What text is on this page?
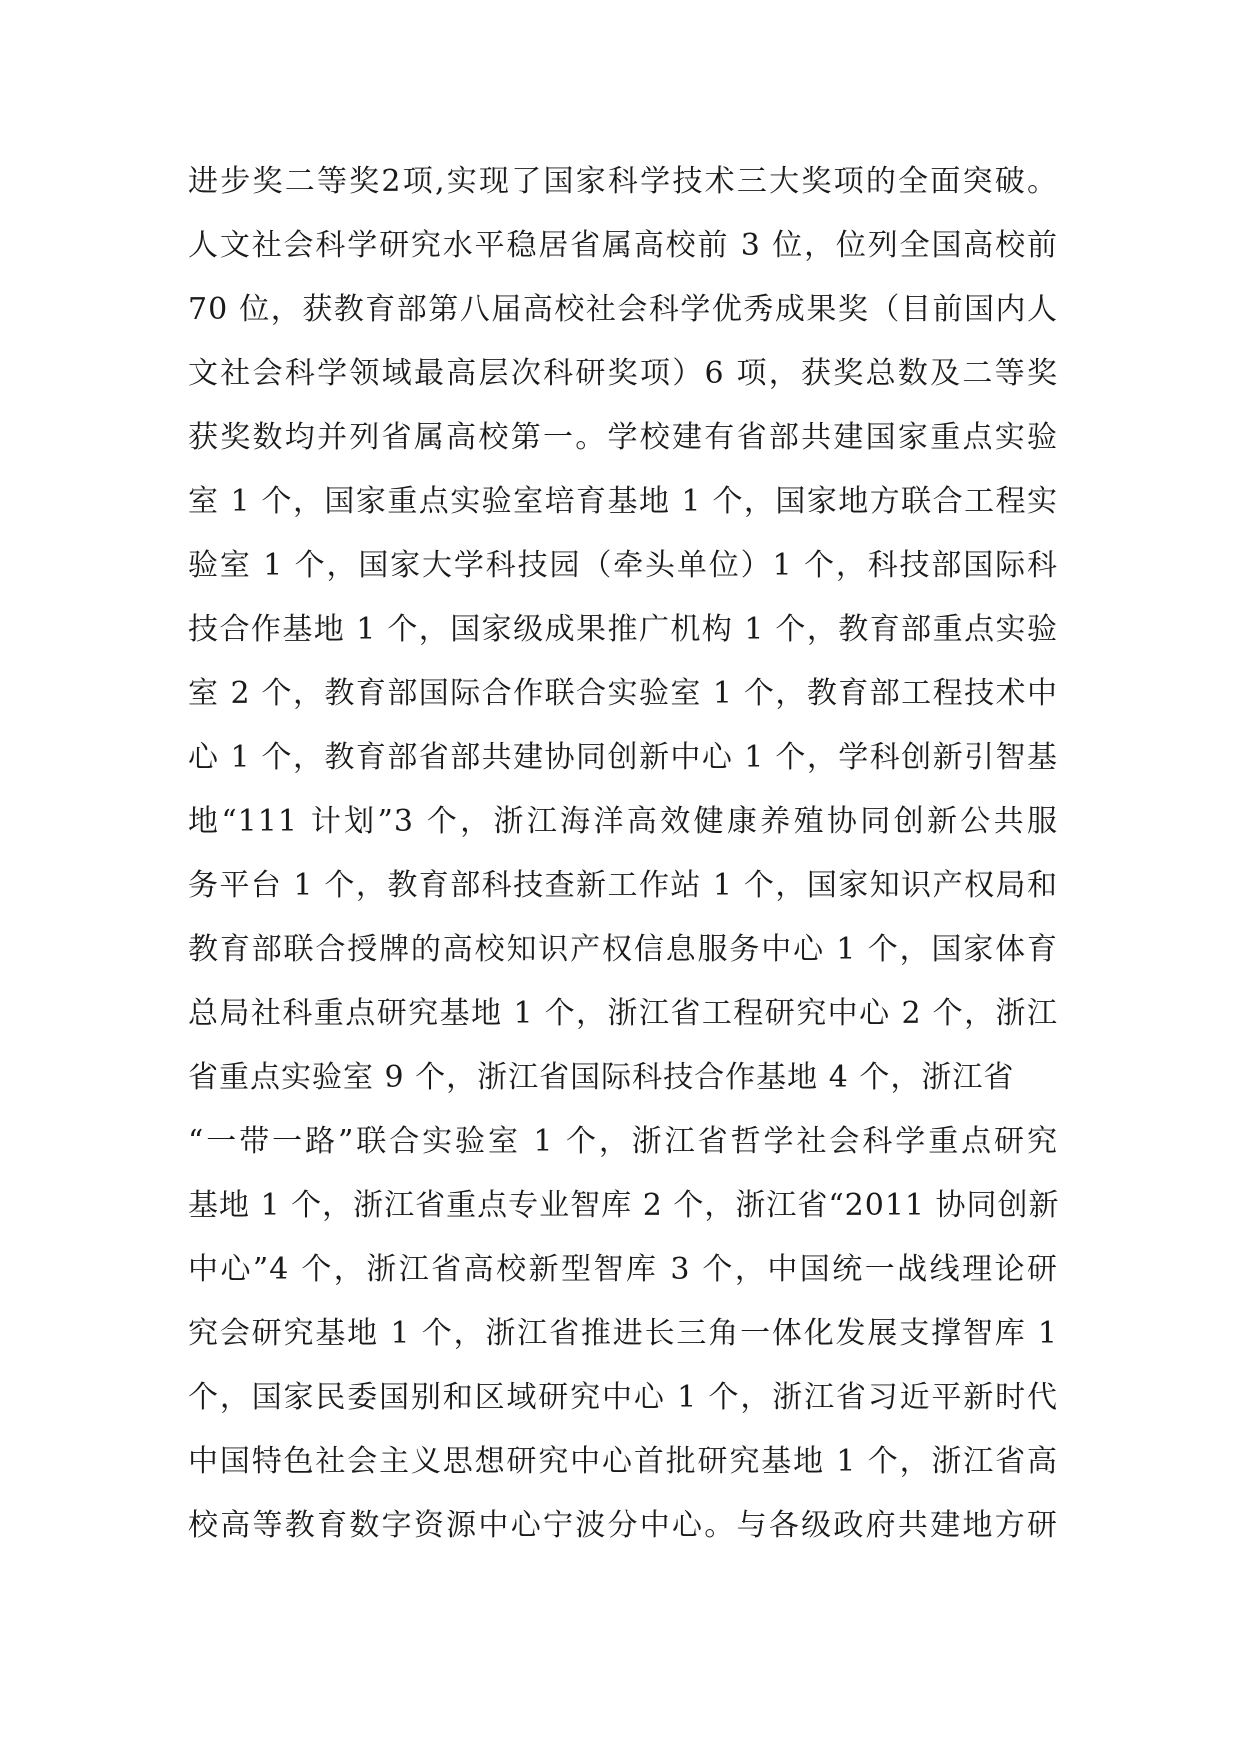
进步奖二等奖2项,实现了国家科学技术三大奖项的全面突破。
人文社会科学研究水平稳居省属高校前 3 位，位列全国高校前
70 位，获教育部第八届高校社会科学优秀成果奖（目前国内人
文社会科学领域最高层次科研奖项）6 项，获奖总数及二等奖
获奖数均并列省属高校第一。学校建有省部共建国家重点实验
室 1 个，国家重点实验室培育基地 1 个，国家地方联合工程实
验室 1 个，国家大学科技园（牵头单位）1 个，科技部国际科
技合作基地 1 个，国家级成果推广机构 1 个，教育部重点实验
室 2 个，教育部国际合作联合实验室 1 个，教育部工程技术中
心 1 个，教育部省部共建协同创新中心 1 个，学科创新引智基
地“111 计划”3 个，浙江海洋高效健康养殖协同创新公共服
务平台 1 个，教育部科技查新工作站 1 个，国家知识产权局和
教育部联合授牌的高校知识产权信息服务中心 1 个，国家体育
总局社科重点研究基地 1 个，浙江省工程研究中心 2 个，浙江
省重点实验室 9 个，浙江省国际科技合作基地 4 个，浙江省
“一带一路”联合实验室 1 个，浙江省哲学社会科学重点研究
基地 1 个，浙江省重点专业智库 2 个，浙江省“2011 协同创新
中心”4 个，浙江省高校新型智库 3 个，中国统一战线理论研
究会研究基地 1 个，浙江省推进长三角一体化发展支撑智库 1
个，国家民委国别和区域研究中心 1 个，浙江省习近平新时代
中国特色社会主义思想研究中心首批研究基地 1 个，浙江省高
校高等教育数字资源中心宁波分中心。与各级政府共建地方研
